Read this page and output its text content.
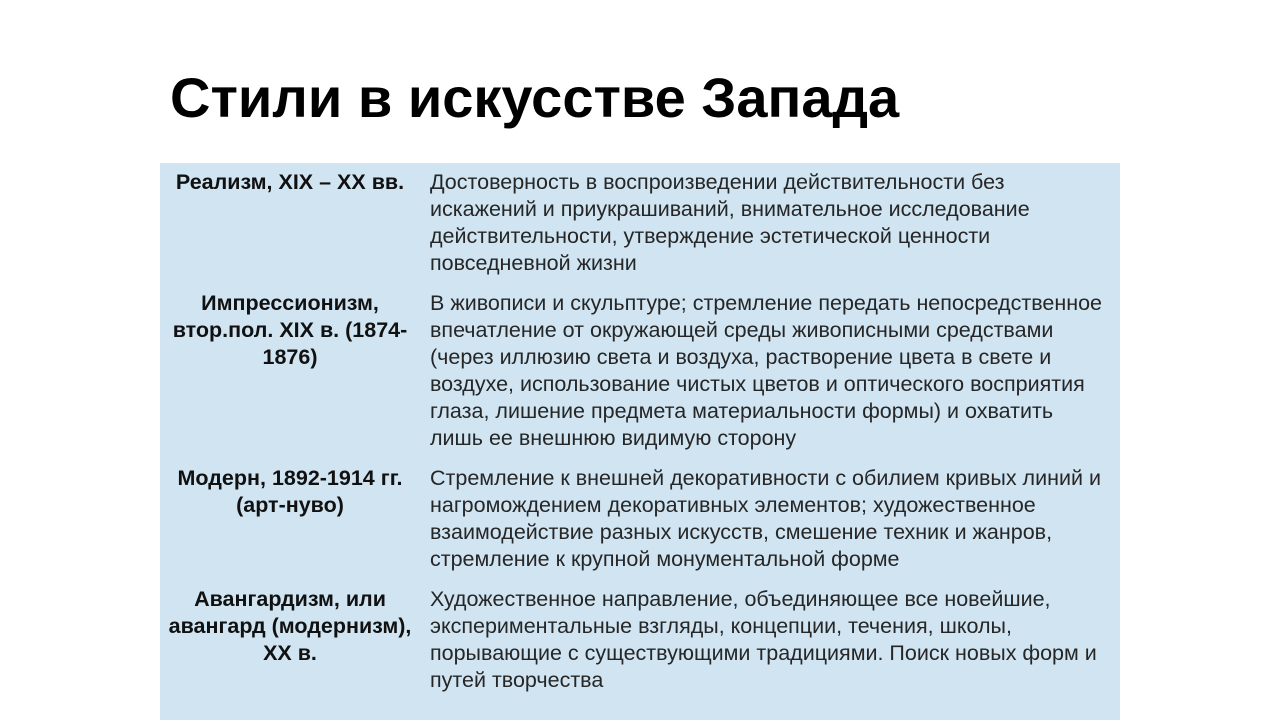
Стили в искусстве Запада
Реализм, XIX – XX вв.	Достоверность в воспроизведении действительности без искажений и приукрашиваний, внимательное исследование действительности, утверждение эстетической ценности повседневной жизни
Импрессионизм, втор.пол. XIX в. (1874-1876)	В живописи и скульптуре; стремление передать непосредственное впечатление от окружающей среды живописными средствами (через иллюзию света и воздуха, растворение цвета в свете и воздухе, использование чистых цветов и оптического восприятия глаза, лишение предмета материальности формы) и охватить лишь ее внешнюю видимую сторону
Модерн, 1892-1914 гг. (арт-нуво)	Стремление к внешней декоративности с обилием кривых линий и нагромождением декоративных элементов; художественное взаимодействие разных искусств, смешение техник и жанров, стремление к крупной монументальной форме
Авангардизм, или авангард (модернизм), XX в.	Художественное направление, объединяющее все новейшие, экспериментальные взгляды, концепции, течения, школы, порывающие с существующими традициями. Поиск новых форм и путей творчества
